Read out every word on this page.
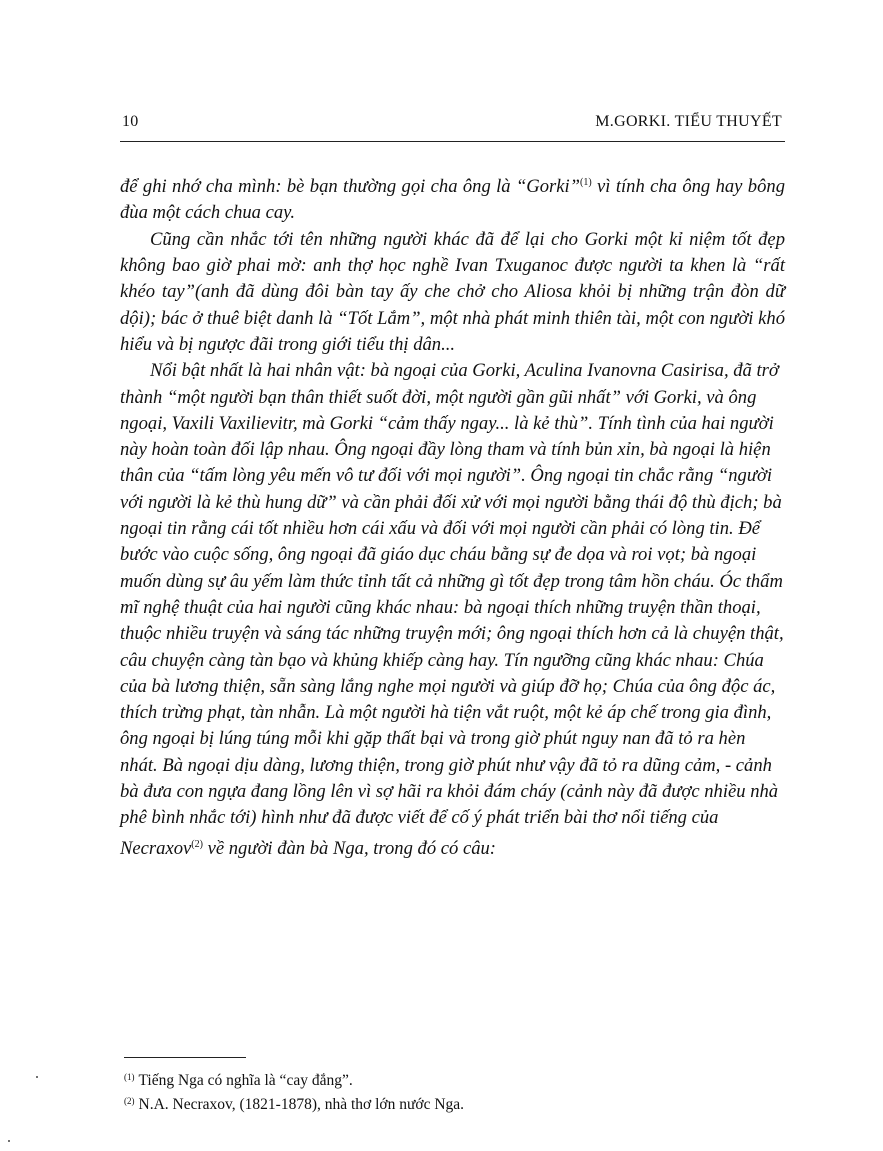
10	M.GORKI. TIỂU THUYẾT

để ghi nhớ cha mình: bè bạn thường gọi cha ông là “Gorki”$^{(1)}$ vì tính cha ông hay bông đùa một cách chua cay.

Cũng cần nhắc tới tên những người khác đã để lại cho Gorki một kỉ niệm tốt đẹp không bao giờ phai mờ: anh thợ học nghề Ivan Txuganoc được người ta khen là “rất khéo tay”(anh đã dùng đôi bàn tay ấy che chở cho Aliosa khỏi bị những trận đòn dữ dội); bác ở thuê biệt danh là “Tốt Lắm”, một nhà phát minh thiên tài, một con người khó hiểu và bị ngược đãi trong giới tiểu thị dân...

Nổi bật nhất là hai nhân vật: bà ngoại của Gorki, Aculina Ivanovna Casirisa, đã trở thành “một người bạn thân thiết suốt đời, một người gần gũi nhất” với Gorki, và ông ngoại, Vaxili Vaxilievitr, mà Gorki “cảm thấy ngay... là kẻ thù”. Tính tình của hai người này hoàn toàn đối lập nhau. Ông ngoại đầy lòng tham và tính bủn xỉn, bà ngoại là hiện thân của “tấm lòng yêu mến vô tư đối với mọi người”. Ông ngoại tin chắc rằng “người với người là kẻ thù hung dữ” và cần phải đối xử với mọi người bằng thái độ thù địch; bà ngoại tin rằng cái tốt nhiều hơn cái xấu và đối với mọi người cần phải có lòng tin. Để bước vào cuộc sống, ông ngoại đã giáo dục cháu bằng sự đe dọa và roi vọt; bà ngoại muốn dùng sự âu yếm làm thức tỉnh tất cả những gì tốt đẹp trong tâm hồn cháu. Óc thẩm mĩ nghệ thuật của hai người cũng khác nhau: bà ngoại thích những truyện thần thoại, thuộc nhiều truyện và sáng tác những truyện mới; ông ngoại thích hơn cả là chuyện thật, câu chuyện càng tàn bạo và khủng khiếp càng hay. Tín ngưỡng cũng khác nhau: Chúa của bà lương thiện, sẵn sàng lắng nghe mọi người và giúp đỡ họ; Chúa của ông độc ác, thích trừng phạt, tàn nhẫn. Là một người hà tiện vắt ruột, một kẻ áp chế trong gia đình, ông ngoại bị lúng túng mỗi khi gặp thất bại và trong giờ phút nguy nan đã tỏ ra hèn nhát. Bà ngoại dịu dàng, lương thiện, trong giờ phút như vậy đã tỏ ra dũng cảm, - cảnh bà đưa con ngựa đang lồng lên vì sợ hãi ra khỏi đám cháy (cảnh này đã được nhiều nhà phê bình nhắc tới) hình như đã được viết để cố ý phát triển bài thơ nổi tiếng của Necraxov$^{(2)}$ về người đàn bà Nga, trong đó có câu:

$^{(1)}$ Tiếng Nga có nghĩa là “cay đắng”.

$^{(2)}$ N.A. Necraxov, (1821-1878), nhà thơ lớn nước Nga.
